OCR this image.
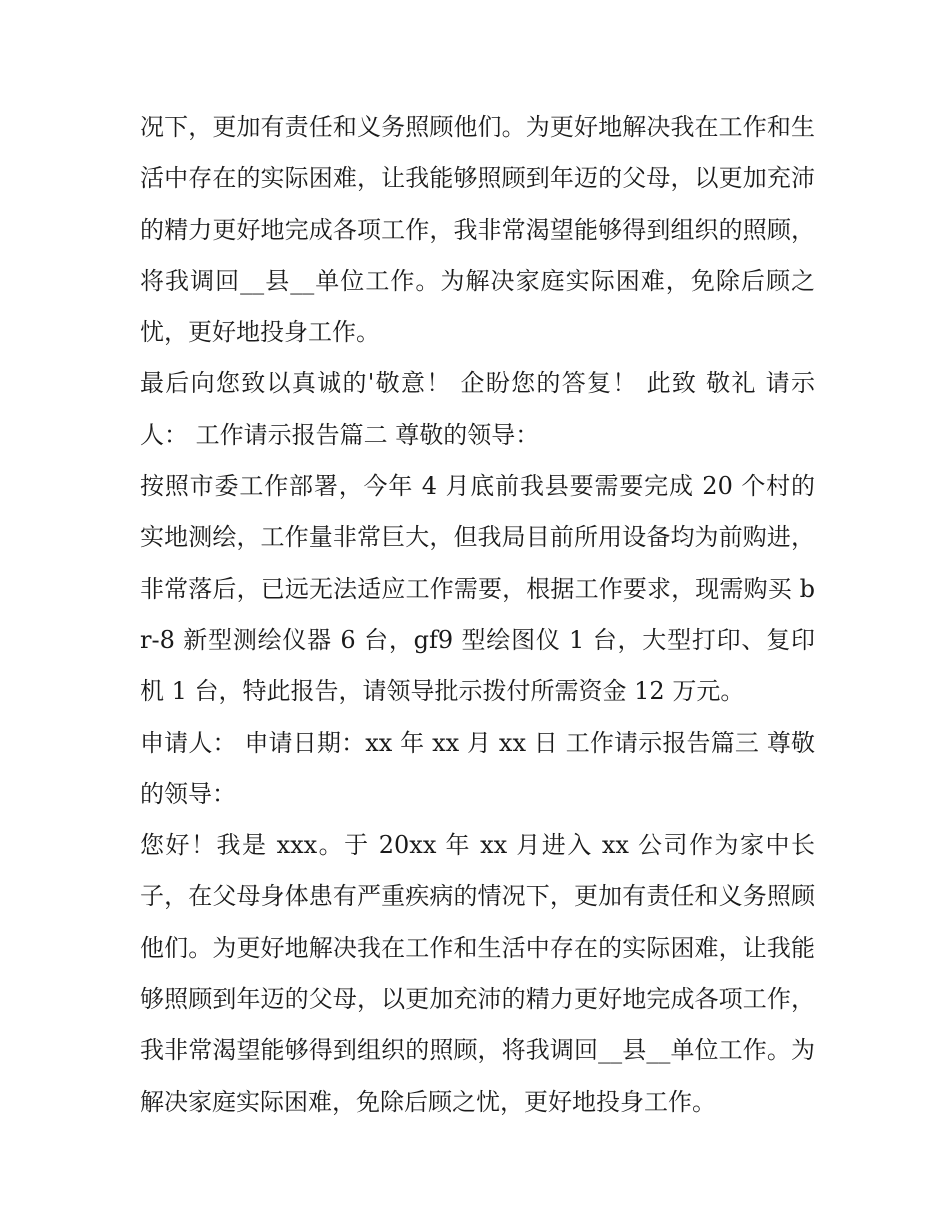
况下，更加有责任和义务照顾他们。为更好地解决我在工作和生活中存在的实际困难，让我能够照顾到年迈的父母，以更加充沛的精力更好地完成各项工作，我非常渴望能够得到组织的照顾，将我调回__县__单位工作。为解决家庭实际困难，免除后顾之忧，更好地投身工作。

最后向您致以真诚的'敬意！ 企盼您的答复！ 此致 敬礼 请示人： 工作请示报告篇二 尊敬的领导：

按照市委工作部署，今年 4 月底前我县要需要完成 20 个村的实地测绘，工作量非常巨大，但我局目前所用设备均为前购进，非常落后，已远无法适应工作需要，根据工作要求，现需购买 br-8 新型测绘仪器 6 台，gf9 型绘图仪 1 台，大型打印、复印机 1 台，特此报告，请领导批示拨付所需资金 12 万元。

申请人： 申请日期：xx 年 xx 月 xx 日 工作请示报告篇三 尊敬的领导：

您好！我是 xxx。于 20xx 年 xx 月进入 xx 公司作为家中长子，在父母身体患有严重疾病的情况下，更加有责任和义务照顾他们。为更好地解决我在工作和生活中存在的实际困难，让我能够照顾到年迈的父母，以更加充沛的精力更好地完成各项工作，我非常渴望能够得到组织的照顾，将我调回__县__单位工作。为解决家庭实际困难，免除后顾之忧，更好地投身工作。
